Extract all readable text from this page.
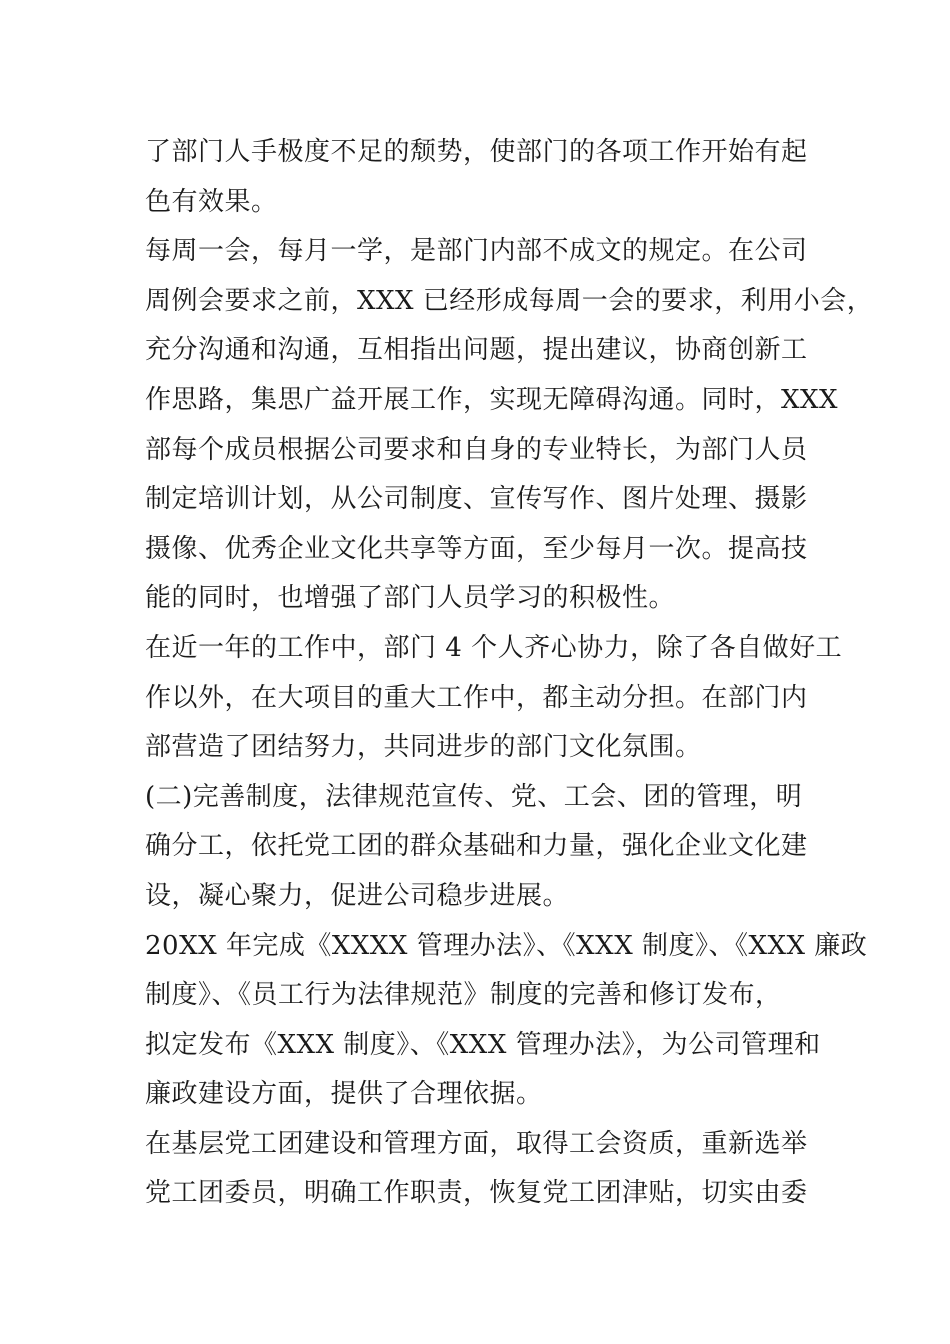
了部门人手极度不足的颓势，使部门的各项工作开始有起
色有效果。
每周一会，每月一学，是部门内部不成文的规定。在公司
周例会要求之前，XXX 已经形成每周一会的要求，利用小会，
充分沟通和沟通，互相指出问题，提出建议，协商创新工
作思路，集思广益开展工作，实现无障碍沟通。同时，XXX
部每个成员根据公司要求和自身的专业特长，为部门人员
制定培训计划，从公司制度、宣传写作、图片处理、摄影
摄像、优秀企业文化共享等方面，至少每月一次。提高技
能的同时，也增强了部门人员学习的积极性。
在近一年的工作中，部门 4 个人齐心协力，除了各自做好工
作以外，在大项目的重大工作中，都主动分担。在部门内
部营造了团结努力，共同进步的部门文化氛围。
(二)完善制度，法律规范宣传、党、工会、团的管理，明
确分工，依托党工团的群众基础和力量，强化企业文化建
设，凝心聚力，促进公司稳步进展。
20XX 年完成《XXXX 管理办法》、《XXX 制度》、《XXX 廉政
制度》、《员工行为法律规范》制度的完善和修订发布，
拟定发布《XXX 制度》、《XXX 管理办法》，为公司管理和
廉政建设方面，提供了合理依据。
在基层党工团建设和管理方面，取得工会资质，重新选举
党工团委员，明确工作职责，恢复党工团津贴，切实由委
